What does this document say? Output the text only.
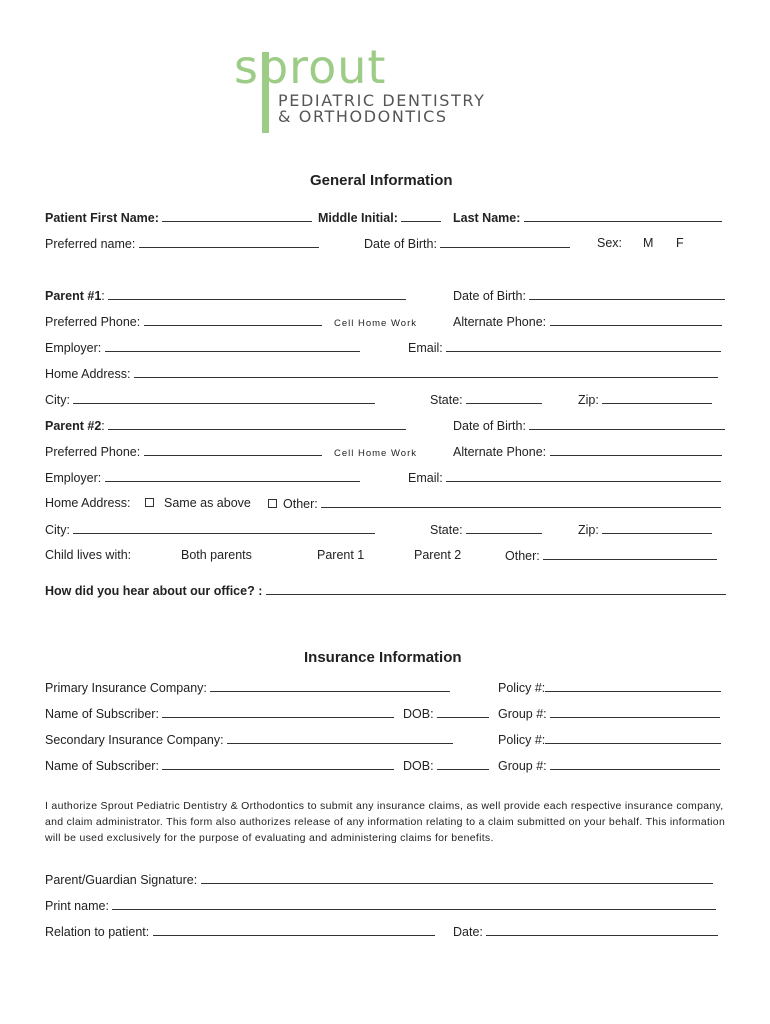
sprout
PEDIATRIC DENTISTRY
& ORTHODONTICS
General Information
Patient First Name:	Middle Initial:	Last Name:
Preferred name:	Date of Birth:	Sex: M F
Parent #1:	Date of Birth:
Preferred Phone:	Cell Home Work	Alternate Phone:
Employer:	Email:
Home Address:
City:	State:	Zip:
Parent #2:	Date of Birth:
Preferred Phone:	Cell Home Work	Alternate Phone:
Employer:	Email:
Home Address:	Same as above	Other:
City:	State:	Zip:
Child lives with:	Both parents	Parent 1	Parent 2	Other:
How did you hear about our office? :
Insurance Information
Primary Insurance Company:	Policy #:
Name of Subscriber:	DOB:	Group #:
Secondary Insurance Company:	Policy #:
Name of Subscriber:	DOB:	Group #:
I authorize Sprout Pediatric Dentistry & Orthodontics to submit any insurance claims, as well provide each respective insurance company, and claim administrator. This form also authorizes release of any information relating to a claim submitted on your behalf. This information will be used exclusively for the purpose of evaluating and administering claims for benefits.
Parent/Guardian Signature:
Print name:
Relation to patient:	Date:
